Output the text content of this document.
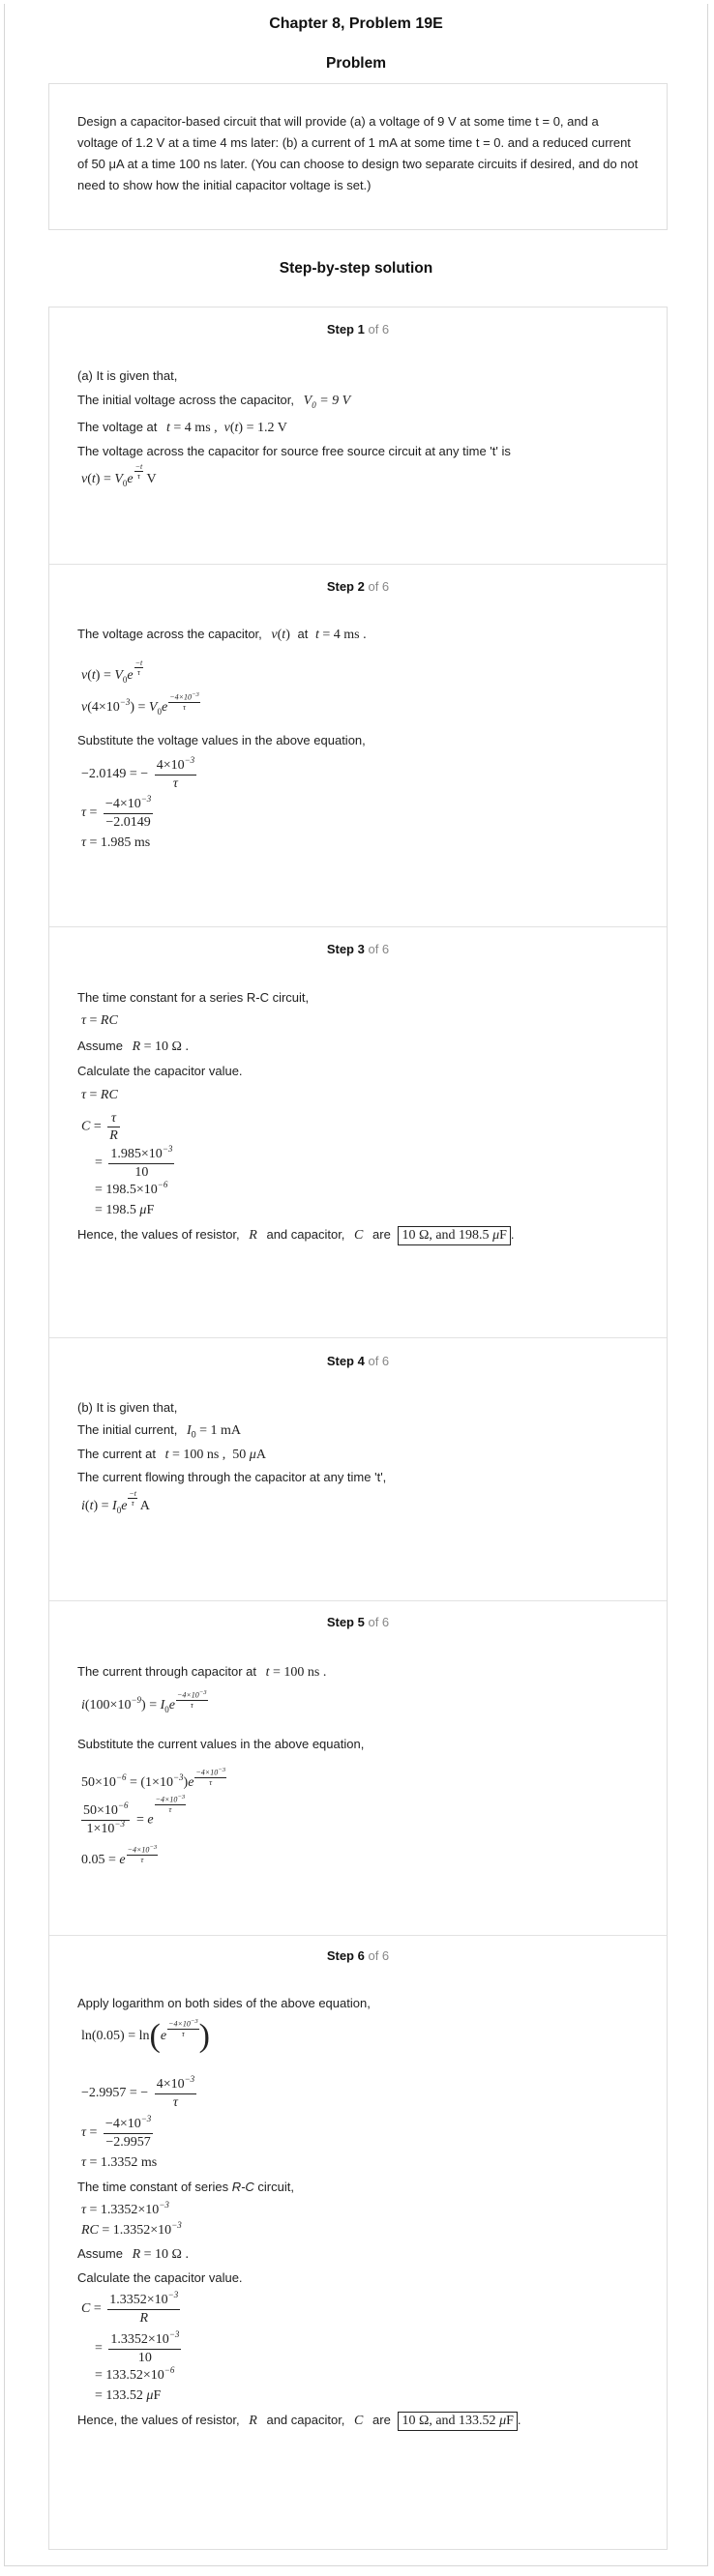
Chapter 8, Problem 19E
Problem
Design a capacitor-based circuit that will provide (a) a voltage of 9 V at some time t = 0, and a voltage of 1.2 V at a time 4 ms later: (b) a current of 1 mA at some time t = 0. and a reduced current of 50 μA at a time 100 ns later. (You can choose to design two separate circuits if desired, and do not need to show how the initial capacitor voltage is set.)
Step-by-step solution
Step 1 of 6
(a) It is given that,
The initial voltage across the capacitor, $V_0 = 9$ V
The voltage at t = 4 ms ,  v(t) = 1.2 V
The voltage across the capacitor for source free source circuit at any time 't' is
$v(t) = V_0e \frac{-t}{\tau}$ V
Step 2 of 6
The voltage across the capacitor, v(t) at t = 4 ms .
$v(t) = V_0e \frac{-t}{\tau}$
$v(4\times 10^{-3}) = V_0e \frac{-4\times 10^{-3}}{\tau}$
Substitute the voltage values in the above equation,
−2.0149 = − $\frac{4\times 10^{-3}}{\tau}$
$\tau = \frac{-4\times 10^{-3}}{-2.0149}$
τ = 1.985 ms
Step 3 of 6
The time constant for a series R-C circuit,
τ = RC
Assume R = 10 Ω .
Calculate the capacitor value.
τ = RC
$C = \frac{\tau}{R}$
= $\frac{1.985\times 10^{-3}}{10}$
= $198.5\times 10^{-6}$
= 198.5 μF
Hence, the values of resistor, R and capacitor, C are 10 Ω, and 198.5 μF .
Step 4 of 6
(b) It is given that,
The initial current, $I_0 = 1$ mA
The current at t = 100 ns ,  50 μA
The current flowing through the capacitor at any time 't',
$i(t) = I_0e \frac{-t}{\tau}$ A
Step 5 of 6
The current through capacitor at t = 100 ns .
$i(100\times 10^{-9}) = I_0e \frac{-4\times 10^{-3}}{\tau}$
Substitute the current values in the above equation,
$50\times 10^{-6} = (1\times 10^{-3})e \frac{-4\times 10^{-3}}{\tau}$
$\frac{50\times 10^{-6}}{1\times 10^{-3}} = e$
$\frac{-4\times 10^{-3}}{\tau}$
0.05 = e $\frac{-4\times 10^{-3}}{\tau}$
Step 6 of 6
Apply logarithm on both sides of the above equation,
$\ln(0.05) = \ln(e \frac{-4\times 10^{-3}}{\tau}$ )
−2.9957 = − $\frac{4\times 10^{-3}}{\tau}$
$\tau = \frac{-4\times 10^{-3}}{-2.9957}$
τ = 1.3352 ms
The time constant of series R-C circuit,
$\tau = 1.3352\times 10^{-3}$
RC = $1.3352\times 10^{-3}$
Assume R = 10 Ω .
Calculate the capacitor value.
$C = \frac{1.3352\times 10^{-3}}{R}$
= $\frac{1.3352\times 10^{-3}}{10}$
= $133.52\times 10^{-6}$
= 133.52 μF
Hence, the values of resistor, R and capacitor, C are 10 Ω, and 133.52 μF .
